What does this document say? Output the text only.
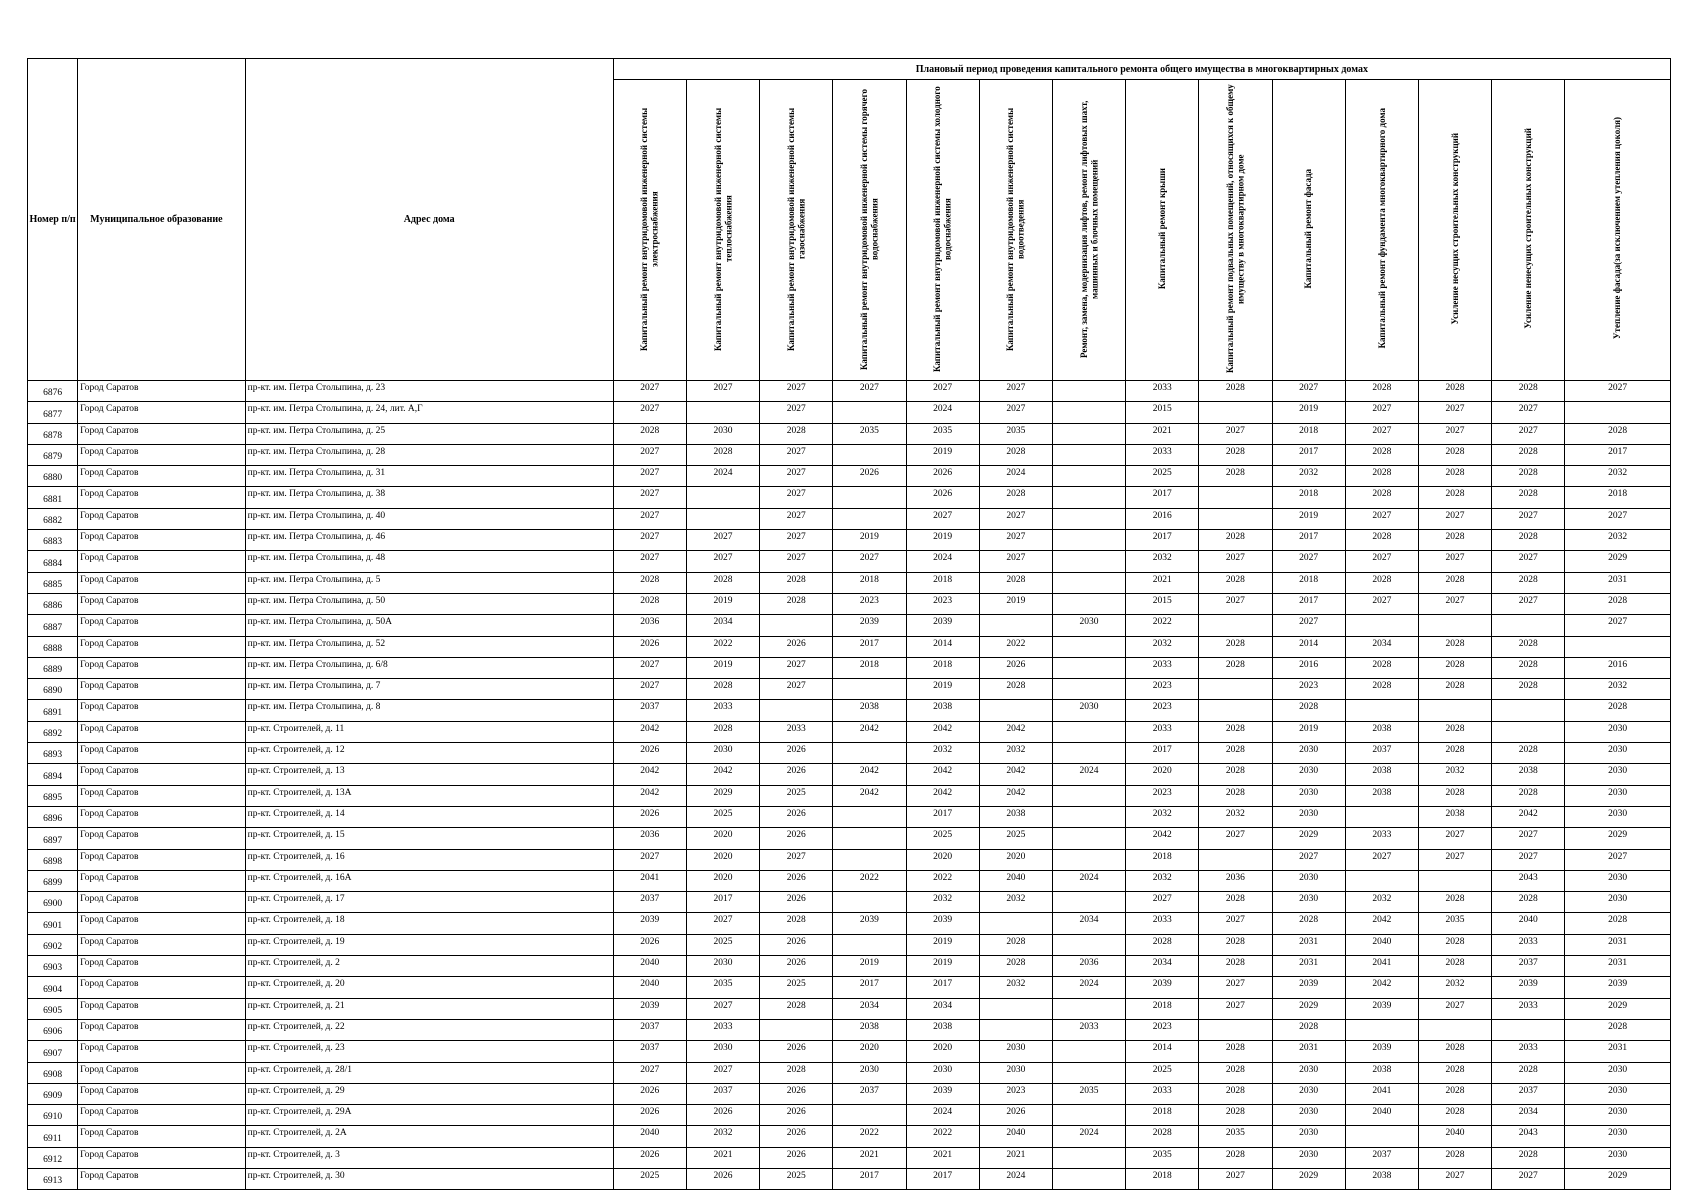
Номер п/п	Муниципальное образование	Адрес дома	Плановый период проведения капитального ремонта общего имущества в многоквартирных домах													
			Капитальный ремонт внутридомовой инженерной системы электроснабжения	Капитальный ремонт внутридомовой инженерной системы теплоснабжения	Капитальный ремонт внутридомовой инженерной системы газоснабжения	Капитальный ремонт внутридомовой инженерной системы горячего водоснабжения	Капитальный ремонт внутридомовой инженерной системы холодного водоснабжения	Капитальный ремонт внутридомовой инженерной системы водоотведения	Ремонт, замена, модернизация лифтов, ремонт лифтовых шахт, машинных и блочных помещений	Капитальный ремонт крыши	Капитальный ремонт подвальных помещений, относящихся к общему имуществу в многоквартирном доме	Капитальный ремонт фасада	Капитальный ремонт фундамента многоквартирного дома	Усиление несущих строительных конструкций	Усиление ненесущих строительных конструкций	Утепление фасада(за исключением утепления цоколя)
6876	Город Саратов	пр-кт. им. Петра Столыпина, д. 23	2027	2027	2027	2027	2027	2027		2033	2028	2027	2028	2028	2028	2027
6877	Город Саратов	пр-кт. им. Петра Столыпина, д. 24, лит. А,Г	2027		2027		2024	2027		2015		2019	2027	2027	2027	
6878	Город Саратов	пр-кт. им. Петра Столыпина, д. 25	2028	2030	2028	2035	2035	2035		2021	2027	2018	2027	2027	2027	2028
6879	Город Саратов	пр-кт. им. Петра Столыпина, д. 28	2027	2028	2027		2019	2028		2033	2028	2017	2028	2028	2028	2017
6880	Город Саратов	пр-кт. им. Петра Столыпина, д. 31	2027	2024	2027	2026	2026	2024		2025	2028	2032	2028	2028	2028	2032
6881	Город Саратов	пр-кт. им. Петра Столыпина, д. 38	2027		2027		2026	2028		2017		2018	2028	2028	2028	2018
6882	Город Саратов	пр-кт. им. Петра Столыпина, д. 40	2027		2027		2027	2027		2016		2019	2027	2027	2027	2027
6883	Город Саратов	пр-кт. им. Петра Столыпина, д. 46	2027	2027	2027	2019	2019	2027		2017	2028	2017	2028	2028	2028	2032
6884	Город Саратов	пр-кт. им. Петра Столыпина, д. 48	2027	2027	2027	2027	2024	2027		2032	2027	2027	2027	2027	2027	2029
6885	Город Саратов	пр-кт. им. Петра Столыпина, д. 5	2028	2028	2028	2018	2018	2028		2021	2028	2018	2028	2028	2028	2031
6886	Город Саратов	пр-кт. им. Петра Столыпина, д. 50	2028	2019	2028	2023	2023	2019		2015	2027	2017	2027	2027	2027	2028
6887	Город Саратов	пр-кт. им. Петра Столыпина, д. 50А	2036	2034		2039	2039		2030	2022		2027				2027
6888	Город Саратов	пр-кт. им. Петра Столыпина, д. 52	2026	2022	2026	2017	2014	2022		2032	2028	2014	2034	2028	2028	
6889	Город Саратов	пр-кт. им. Петра Столыпина, д. 6/8	2027	2019	2027	2018	2018	2026		2033	2028	2016	2028	2028	2028	2016
6890	Город Саратов	пр-кт. им. Петра Столыпина, д. 7	2027	2028	2027		2019	2028		2023		2023	2028	2028	2028	2032
6891	Город Саратов	пр-кт. им. Петра Столыпина, д. 8	2037	2033		2038	2038		2030	2023		2028				2028
6892	Город Саратов	пр-кт. Строителей, д. 11	2042	2028	2033	2042	2042	2042		2033	2028	2019	2038	2028		2030
6893	Город Саратов	пр-кт. Строителей, д. 12	2026	2030	2026		2032	2032		2017	2028	2030	2037	2028	2028	2030
6894	Город Саратов	пр-кт. Строителей, д. 13	2042	2042	2026	2042	2042	2042	2024	2020	2028	2030	2038	2032	2038	2030
6895	Город Саратов	пр-кт. Строителей, д. 13А	2042	2029	2025	2042	2042	2042		2023	2028	2030	2038	2028	2028	2030
6896	Город Саратов	пр-кт. Строителей, д. 14	2026	2025	2026		2017	2038		2032	2032	2030		2038	2042	2030
6897	Город Саратов	пр-кт. Строителей, д. 15	2036	2020	2026		2025	2025		2042	2027	2029	2033	2027	2027	2029
6898	Город Саратов	пр-кт. Строителей, д. 16	2027	2020	2027		2020	2020		2018		2027	2027	2027	2027	2027
6899	Город Саратов	пр-кт. Строителей, д. 16А	2041	2020	2026	2022	2022	2040	2024	2032	2036	2030			2043	2030
6900	Город Саратов	пр-кт. Строителей, д. 17	2037	2017	2026		2032	2032		2027	2028	2030	2032	2028	2028	2030
6901	Город Саратов	пр-кт. Строителей, д. 18	2039	2027	2028	2039	2039		2034	2033	2027	2028	2042	2035	2040	2028
6902	Город Саратов	пр-кт. Строителей, д. 19	2026	2025	2026		2019	2028		2028	2028	2031	2040	2028	2033	2031
6903	Город Саратов	пр-кт. Строителей, д. 2	2040	2030	2026	2019	2019	2028	2036	2034	2028	2031	2041	2028	2037	2031
6904	Город Саратов	пр-кт. Строителей, д. 20	2040	2035	2025	2017	2017	2032	2024	2039	2027	2039	2042	2032	2039	2039
6905	Город Саратов	пр-кт. Строителей, д. 21	2039	2027	2028	2034	2034			2018	2027	2029	2039	2027	2033	2029
6906	Город Саратов	пр-кт. Строителей, д. 22	2037	2033		2038	2038		2033	2023		2028				2028
6907	Город Саратов	пр-кт. Строителей, д. 23	2037	2030	2026	2020	2020	2030		2014	2028	2031	2039	2028	2033	2031
6908	Город Саратов	пр-кт. Строителей, д. 28/1	2027	2027	2028	2030	2030	2030		2025	2028	2030	2038	2028	2028	2030
6909	Город Саратов	пр-кт. Строителей, д. 29	2026	2037	2026	2037	2039	2023	2035	2033	2028	2030	2041	2028	2037	2030
6910	Город Саратов	пр-кт. Строителей, д. 29А	2026	2026	2026		2024	2026		2018	2028	2030	2040	2028	2034	2030
6911	Город Саратов	пр-кт. Строителей, д. 2А	2040	2032	2026	2022	2022	2040	2024	2028	2035	2030		2040	2043	2030
6912	Город Саратов	пр-кт. Строителей, д. 3	2026	2021	2026	2021	2021	2021		2035	2028	2030	2037	2028	2028	2030
6913	Город Саратов	пр-кт. Строителей, д. 30	2025	2026	2025	2017	2017	2024		2018	2027	2029	2038	2027	2027	2029
